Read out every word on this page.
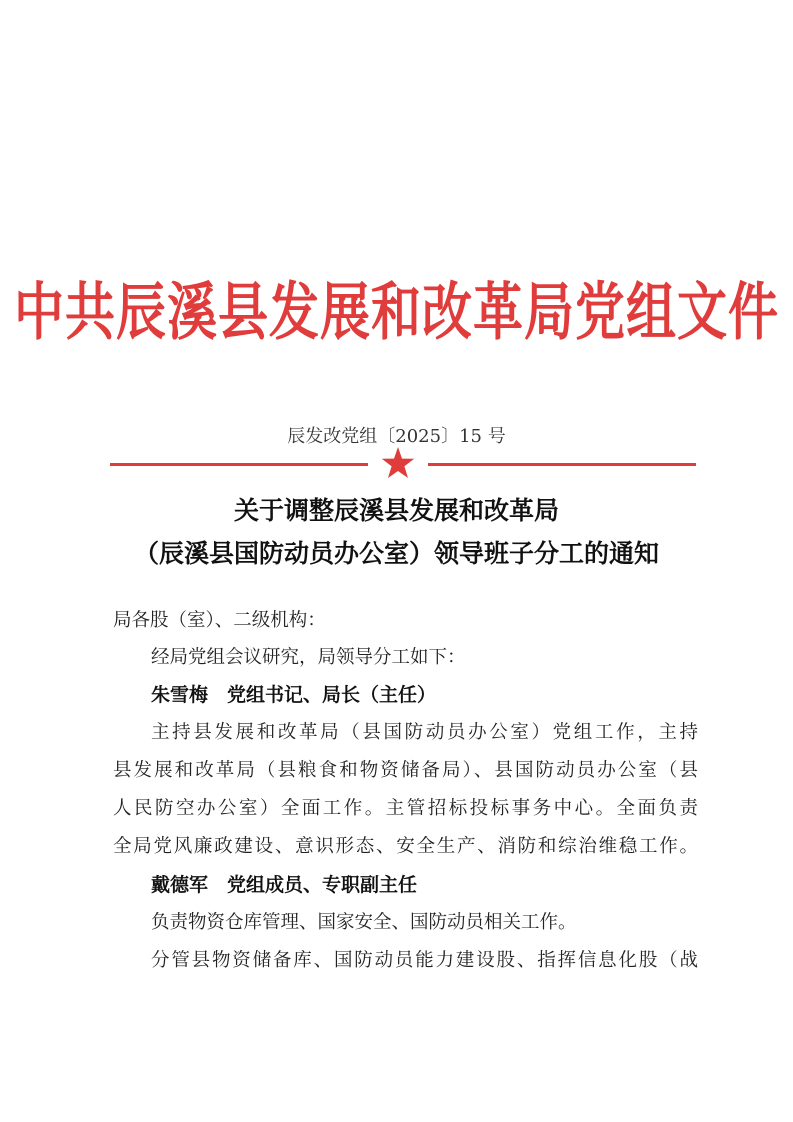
中共辰溪县发展和改革局党组文件
辰发改党组〔2025〕15 号
关于调整辰溪县发展和改革局
（辰溪县国防动员办公室）领导班子分工的通知
局各股（室）、二级机构：
经局党组会议研究，局领导分工如下：
朱雪梅　党组书记、局长（主任）
主持县发展和改革局（县国防动员办公室）党组工作，主持
县发展和改革局（县粮食和物资储备局）、县国防动员办公室（县
人民防空办公室）全面工作。主管招标投标事务中心。全面负责
全局党风廉政建设、意识形态、安全生产、消防和综治维稳工作。
戴德军　党组成员、专职副主任
负责物资仓库管理、国家安全、国防动员相关工作。
分管县物资储备库、国防动员能力建设股、指挥信息化股（战
